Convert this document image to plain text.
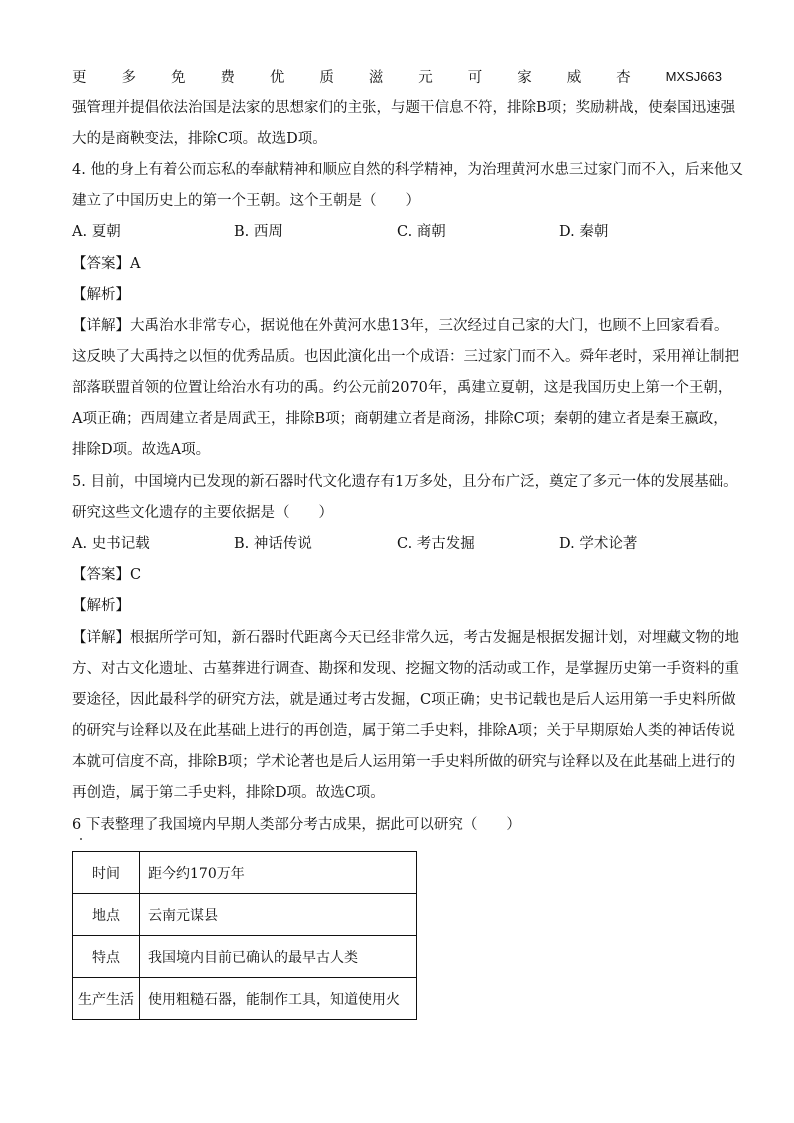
更 多 免 费 优 质 滋 元 可 家 威 杏	MXSJ663
强管理并提倡依法治国是法家的思想家们的主张，与题干信息不符，排除B项；奖励耕战，使秦国迅速强
大的是商鞅变法，排除C项。故选D项。
4. 他的身上有着公而忘私的奉献精神和顺应自然的科学精神，为治理黄河水患三过家门而不入，后来他又
建立了中国历史上的第一个王朝。这个王朝是（　　）
A. 夏朝	B. 西周	C. 商朝	D. 秦朝
【答案】A
【解析】
【详解】大禹治水非常专心，据说他在外黄河水患13年，三次经过自己家的大门，也顾不上回家看看。
这反映了大禹持之以恒的优秀品质。也因此演化出一个成语：三过家门而不入。舜年老时，采用禅让制把
部落联盟首领的位置让给治水有功的禹。约公元前2070年，禹建立夏朝，这是我国历史上第一个王朝，
A项正确；西周建立者是周武王，排除B项；商朝建立者是商汤，排除C项；秦朝的建立者是秦王嬴政，
排除D项。故选A项。
5. 目前，中国境内已发现的新石器时代文化遗存有1万多处，且分布广泛，奠定了多元一体的发展基础。
研究这些文化遗存的主要依据是（　　）
A. 史书记载	B. 神话传说	C. 考古发掘	D. 学术论著
【答案】C
【解析】
【详解】根据所学可知，新石器时代距离今天已经非常久远，考古发掘是根据发掘计划，对埋藏文物的地
方、对古文化遗址、古墓葬进行调查、勘探和发现、挖掘文物的活动或工作，是掌握历史第一手资料的重
要途径，因此最科学的研究方法，就是通过考古发掘，C项正确；史书记载也是后人运用第一手史料所做
的研究与诠释以及在此基础上进行的再创造，属于第二手史料，排除A项；关于早期原始人类的神话传说
本就可信度不高，排除B项；学术论著也是后人运用第一手史料所做的研究与诠释以及在此基础上进行的
再创造，属于第二手史料，排除D项。故选C项。
6 下表整理了我国境内早期人类部分考古成果，据此可以研究（　　）
时间	距今约170万年
地点	云南元谋县
特点	我国境内目前已确认的最早古人类
生产生活	使用粗糙石器，能制作工具，知道使用火
